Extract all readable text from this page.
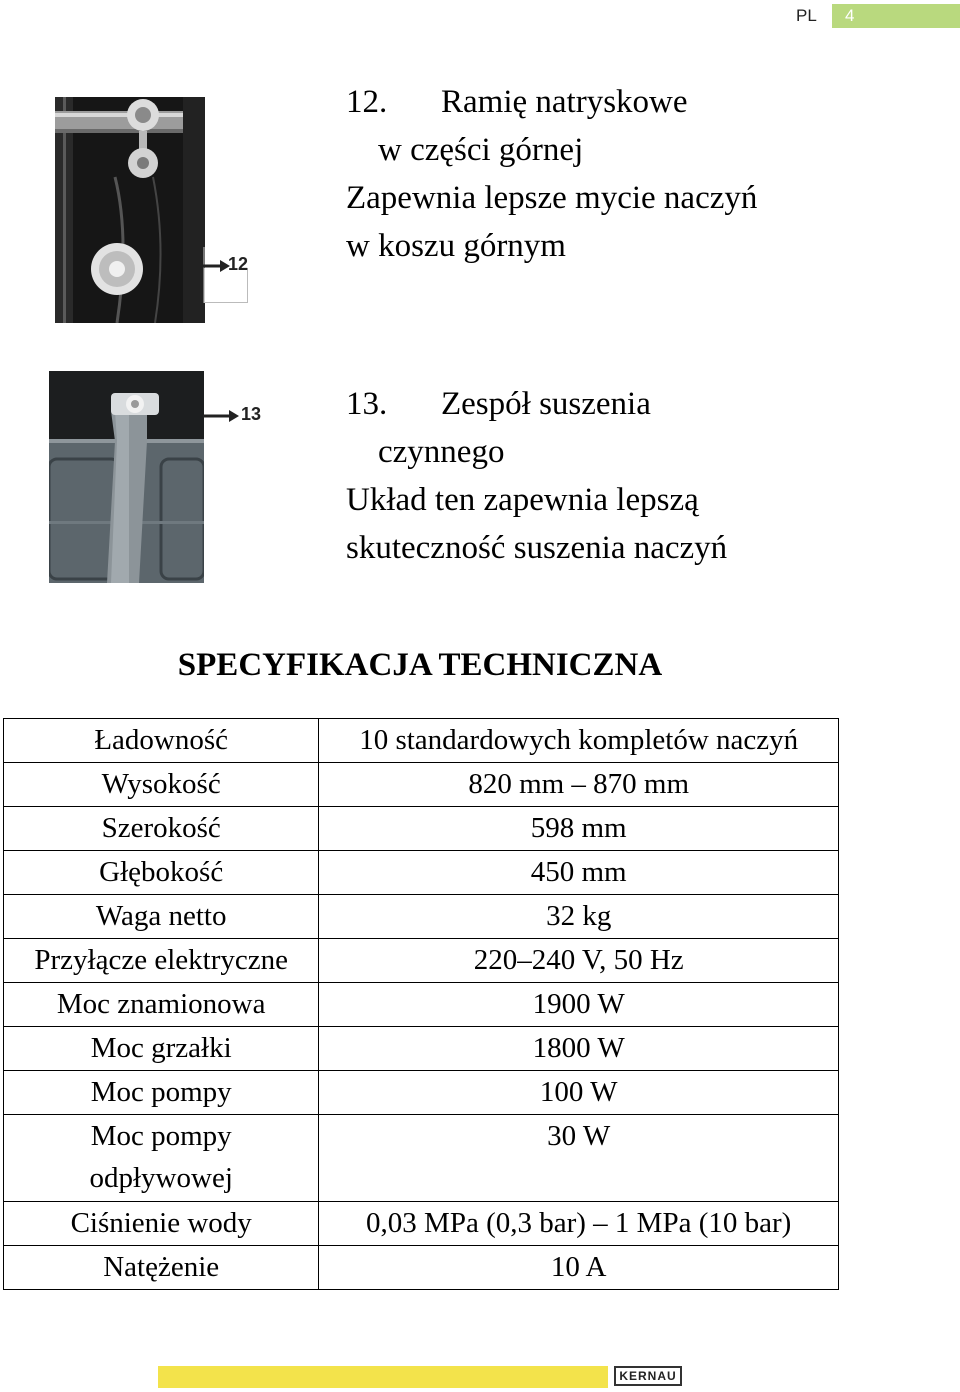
PL 4
12
12. Ramię natryskowe
w części górnej
Zapewnia lepsze mycie naczyń
w koszu górnym
13	13. Zespół suszenia
czynnego
Układ ten zapewnia lepszą
skuteczność suszenia naczyń
SPECYFIKACJA TECHNICZNA
Ładowność	10 standardowych kompletów naczyń
Wysokość	820 mm – 870 mm
Szerokość	598 mm
Głębokość	450 mm
Waga netto	32 kg
Przyłącze elektryczne	220–240 V, 50 Hz
Moc znamionowa	1900 W
Moc grzałki	1800 W
Moc pompy	100 W
Moc pompy
odpływowej	30 W
Ciśnienie wody	0,03 MPa (0,3 bar) – 1 MPa (10 bar)
Natężenie	10 A
KERNAU
